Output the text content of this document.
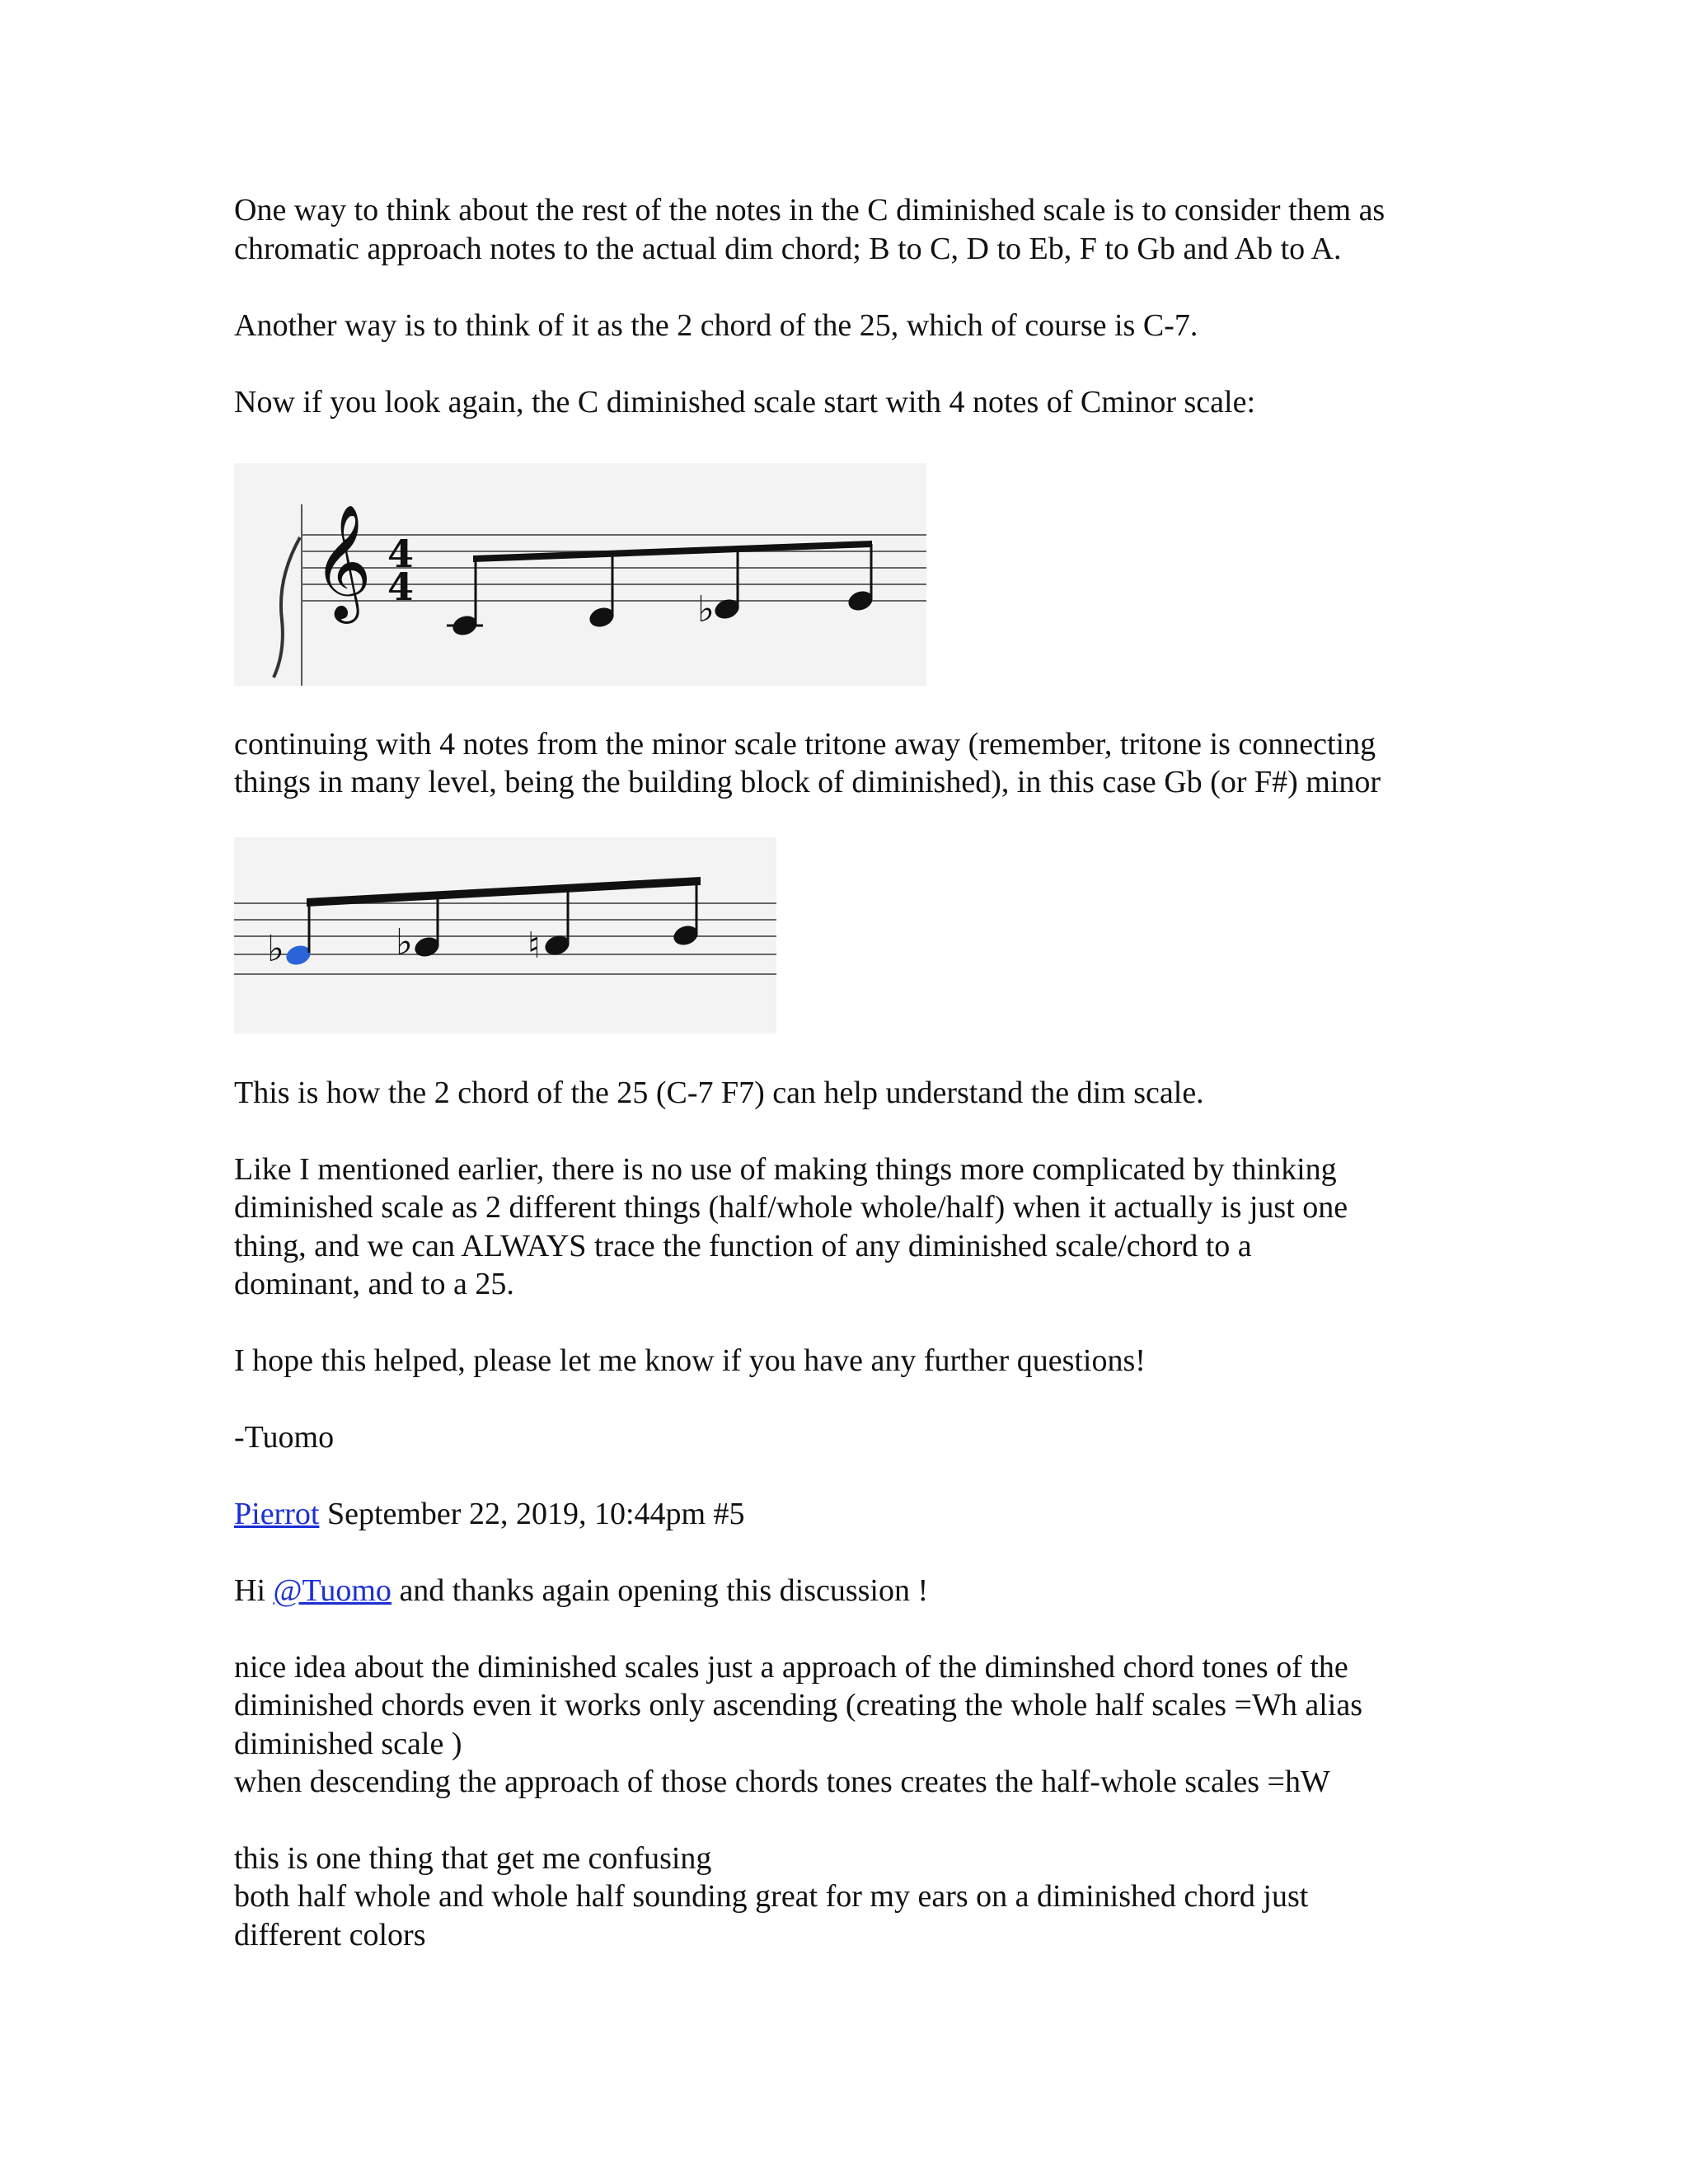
One way to think about the rest of the notes in the C diminished scale is to consider them as

chromatic approach notes to the actual dim chord; B to C, D to Eb, F to Gb and Ab to A.

Another way is to think of it as the 2 chord of the 25, which of course is C-7.

Now if you look again, the C diminished scale start with 4 notes of Cminor scale:

𝄞 4
4
♭

continuing with 4 notes from the minor scale tritone away (remember, tritone is connecting

things in many level, being the building block of diminished), in this case Gb (or F#) minor

♭	♭	♮

This is how the 2 chord of the 25 (C-7 F7) can help understand the dim scale.

Like I mentioned earlier, there is no use of making things more complicated by thinking

diminished scale as 2 different things (half/whole whole/half) when it actually is just one

thing, and we can ALWAYS trace the function of any diminished scale/chord to a

dominant, and to a 25.

I hope this helped, please let me know if you have any further questions!

-Tuomo

Pierrot September 22, 2019, 10:44pm #5

Hi @Tuomo and thanks again opening this discussion !

nice idea about the diminished scales just a approach of the diminshed chord tones of the

diminished chords even it works only ascending (creating the whole half scales =Wh alias

diminished scale )

when descending the approach of those chords tones creates the half-whole scales =hW

this is one thing that get me confusing

both half whole and whole half sounding great for my ears on a diminished chord just

different colors
